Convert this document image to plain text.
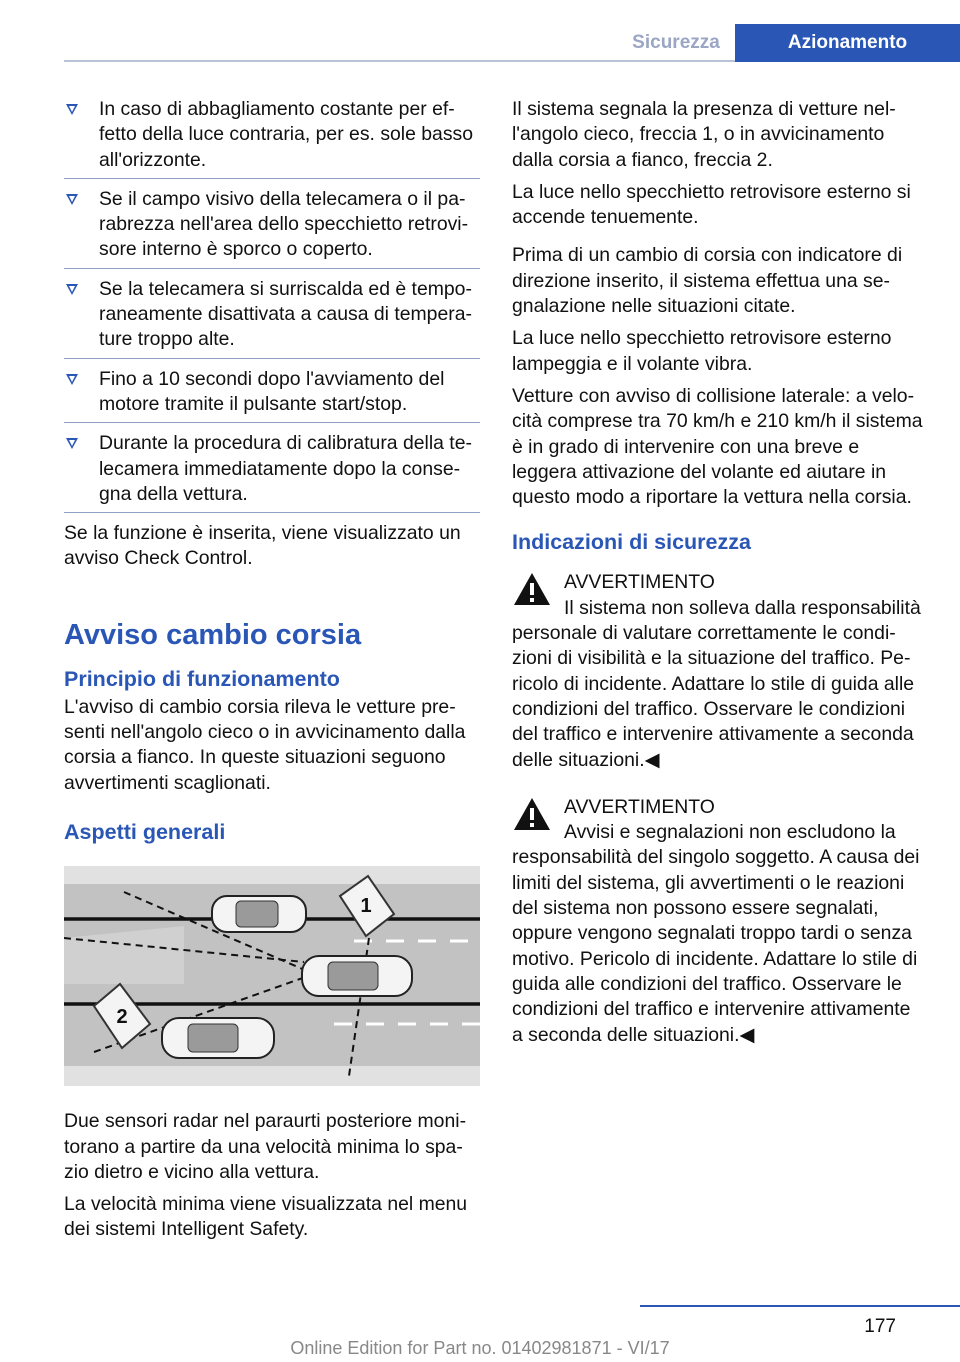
Sicurezza	Azionamento
In caso di abbagliamento costante per effetto della luce contraria, per es. sole basso all'orizzonte.
Se il campo visivo della telecamera o il parabrezza nell'area dello specchietto retrovisore interno è sporco o coperto.
Se la telecamera si surriscalda ed è temporaneamente disattivata a causa di temperature troppo alte.
Fino a 10 secondi dopo l'avviamento del motore tramite il pulsante start/stop.
Durante la procedura di calibratura della telecamera immediatamente dopo la consegna della vettura.

Se la funzione è inserita, viene visualizzato un avviso Check Control.

Avviso cambio corsia
Principio di funzionamento

L'avviso di cambio corsia rileva le vetture presenti nell'angolo cieco o in avvicinamento dalla corsia a fianco. In queste situazioni seguono avvertimenti scaglionati.

Aspetti generali
1
2

Due sensori radar nel paraurti posteriore monitorano a partire da una velocità minima lo spazio dietro e vicino alla vettura.

La velocità minima viene visualizzata nel menu dei sistemi Intelligent Safety.

Il sistema segnala la presenza di vetture nell'angolo cieco, freccia 1, o in avvicinamento dalla corsia a fianco, freccia 2.

La luce nello specchietto retrovisore esterno si accende tenuemente.

Prima di un cambio di corsia con indicatore di direzione inserito, il sistema effettua una segnalazione nelle situazioni citate.

La luce nello specchietto retrovisore esterno lampeggia e il volante vibra.

Vetture con avviso di collisione laterale: a velocità comprese tra 70 km/h e 210 km/h il sistema è in grado di intervenire con una breve e leggera attivazione del volante ed aiutare in questo modo a riportare la vettura nella corsia.

Indicazioni di sicurezza
AVVERTIMENTO
Il sistema non solleva dalla responsabilità

personale di valutare correttamente le condizioni di visibilità e la situazione del traffico. Pericolo di incidente. Adattare lo stile di guida alle condizioni del traffico. Osservare le condizioni del traffico e intervenire attivamente a seconda delle situazioni.◀

AVVERTIMENTO
Avvisi e segnalazioni non escludono la

responsabilità del singolo soggetto. A causa dei limiti del sistema, gli avvertimenti o le reazioni del sistema non possono essere segnalati, oppure vengono segnalati troppo tardi o senza motivo. Pericolo di incidente. Adattare lo stile di guida alle condizioni del traffico. Osservare le condizioni del traffico e intervenire attivamente a seconda delle situazioni.◀

177
Online Edition for Part no. 01402981871 - VI/17
